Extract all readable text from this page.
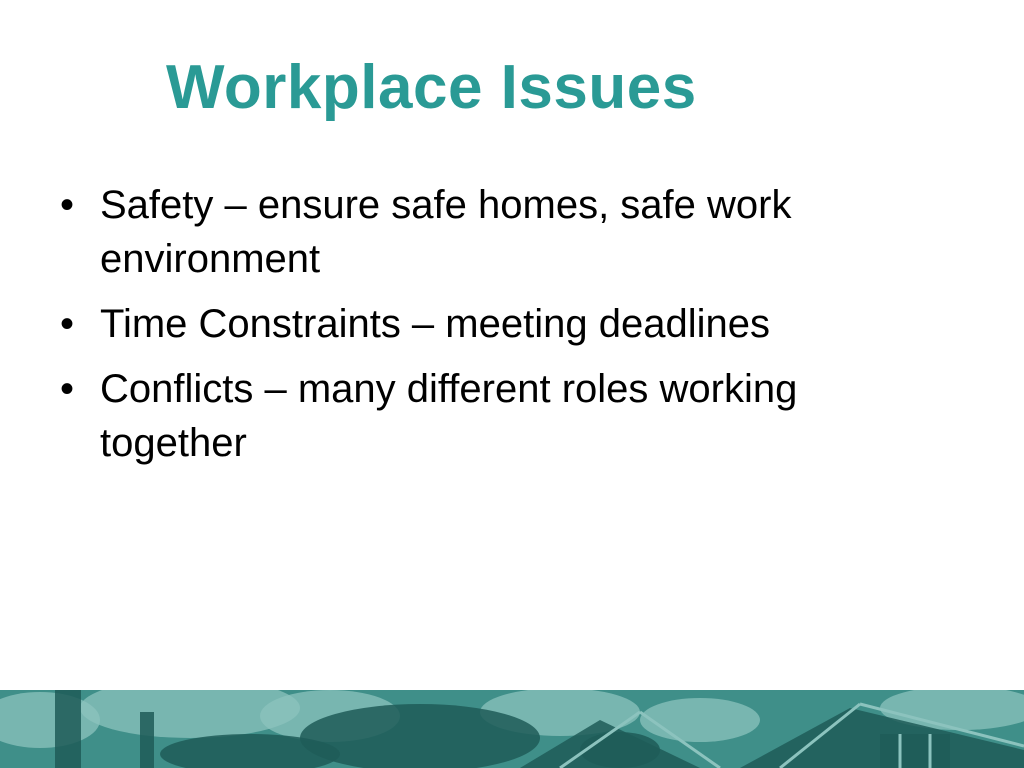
Workplace Issues
• Safety – ensure safe homes, safe work environment
• Time Constraints – meeting deadlines
• Conflicts – many different roles working together
